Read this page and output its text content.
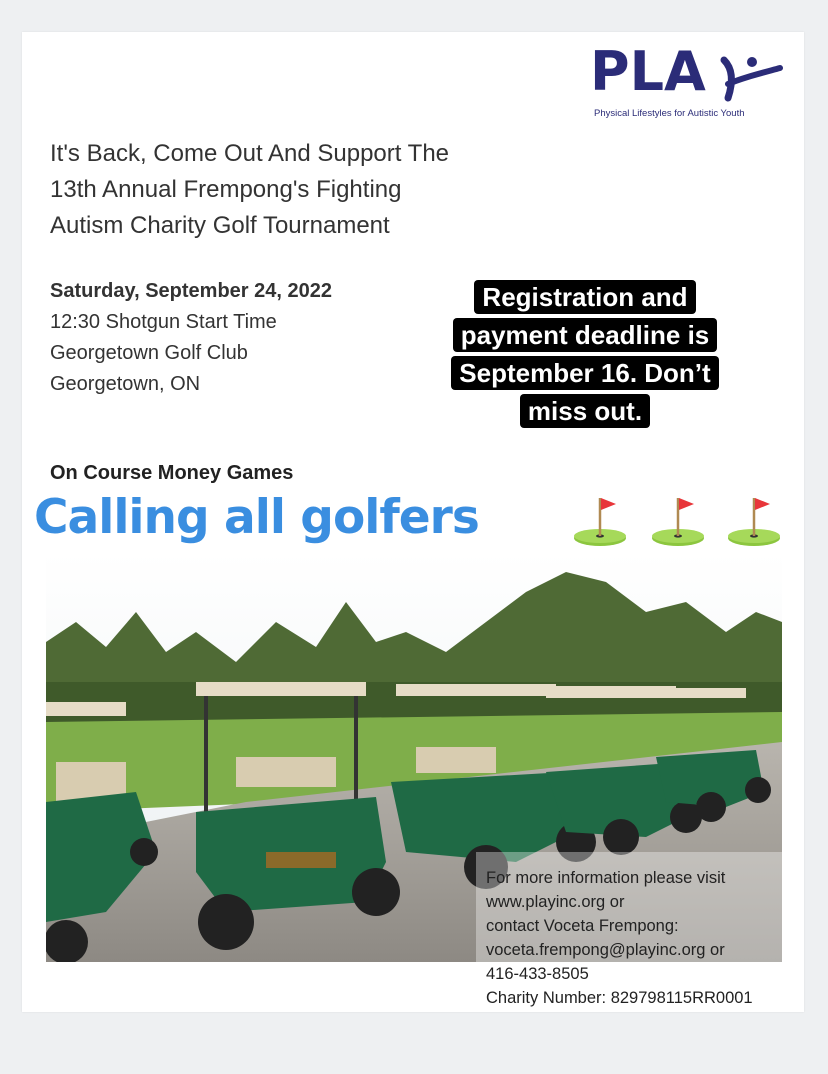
PLA
Physical Lifestyles for Autistic Youth
It's Back, Come Out And Support The
13th Annual Frempong's Fighting
Autism Charity Golf Tournament
Saturday, September 24, 2022
12:30 Shotgun Start Time
Georgetown Golf Club
Georgetown, ON
Registration and
payment deadline is
September 16. Don’t
miss out.
On Course Money Games
Calling all golfers
For more information please visit
www.playinc.org or
contact Voceta Frempong:
voceta.frempong@playinc.org or
416-433-8505
Charity Number: 829798115RR0001
